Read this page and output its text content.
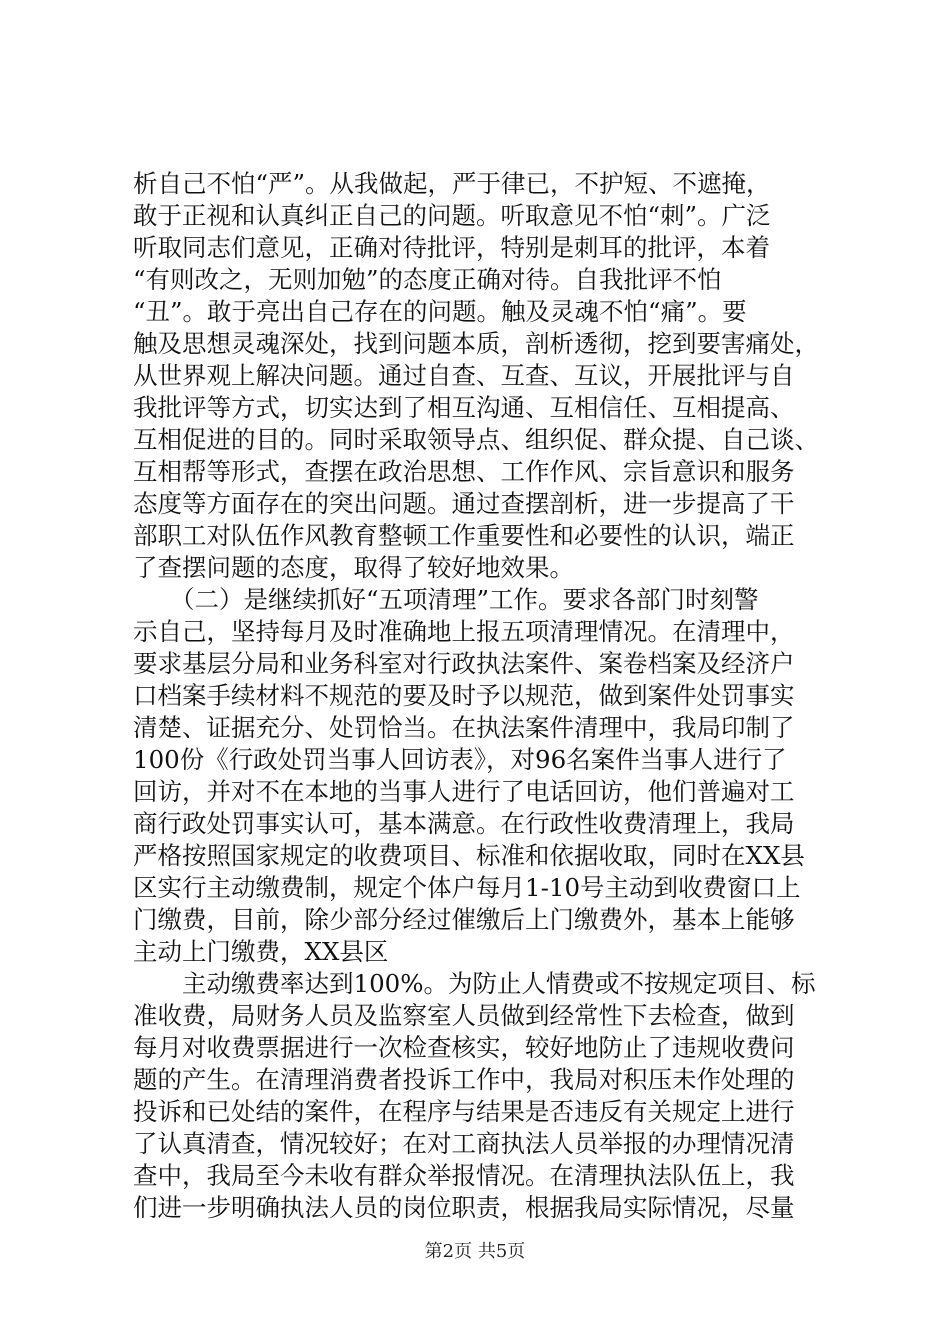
析自己不怕“严”。从我做起，严于律已，不护短、不遮掩，
敢于正视和认真纠正自己的问题。听取意见不怕“刺”。广泛
听取同志们意见，正确对待批评，特别是刺耳的批评，本着
“有则改之，无则加勉”的态度正确对待。自我批评不怕
“丑”。敢于亮出自己存在的问题。触及灵魂不怕“痛”。要
触及思想灵魂深处，找到问题本质，剖析透彻，挖到要害痛处，
从世界观上解决问题。通过自查、互查、互议，开展批评与自
我批评等方式，切实达到了相互沟通、互相信任、互相提高、
互相促进的目的。同时采取领导点、组织促、群众提、自己谈、
互相帮等形式，查摆在政治思想、工作作风、宗旨意识和服务
态度等方面存在的突出问题。通过查摆剖析，进一步提高了干
部职工对队伍作风教育整顿工作重要性和必要性的认识，端正
了查摆问题的态度，取得了较好地效果。
（二）是继续抓好“五项清理”工作。要求各部门时刻警
示自己，坚持每月及时准确地上报五项清理情况。在清理中，
要求基层分局和业务科室对行政执法案件、案卷档案及经济户
口档案手续材料不规范的要及时予以规范，做到案件处罚事实
清楚、证据充分、处罚恰当。在执法案件清理中，我局印制了
100份《行政处罚当事人回访表》，对96名案件当事人进行了
回访，并对不在本地的当事人进行了电话回访，他们普遍对工
商行政处罚事实认可，基本满意。在行政性收费清理上，我局
严格按照国家规定的收费项目、标准和依据收取，同时在XX县
区实行主动缴费制，规定个体户每月1-10号主动到收费窗口上
门缴费，目前，除少部分经过催缴后上门缴费外，基本上能够
主动上门缴费，XX县区
主动缴费率达到100%。为防止人情费或不按规定项目、标
准收费，局财务人员及监察室人员做到经常性下去检查，做到
每月对收费票据进行一次检查核实，较好地防止了违规收费问
题的产生。在清理消费者投诉工作中，我局对积压未作处理的
投诉和已处结的案件，在程序与结果是否违反有关规定上进行
了认真清查，情况较好；在对工商执法人员举报的办理情况清
查中，我局至今未收有群众举报情况。在清理执法队伍上，我
们进一步明确执法人员的岗位职责，根据我局实际情况，尽量
第2页 共5页
